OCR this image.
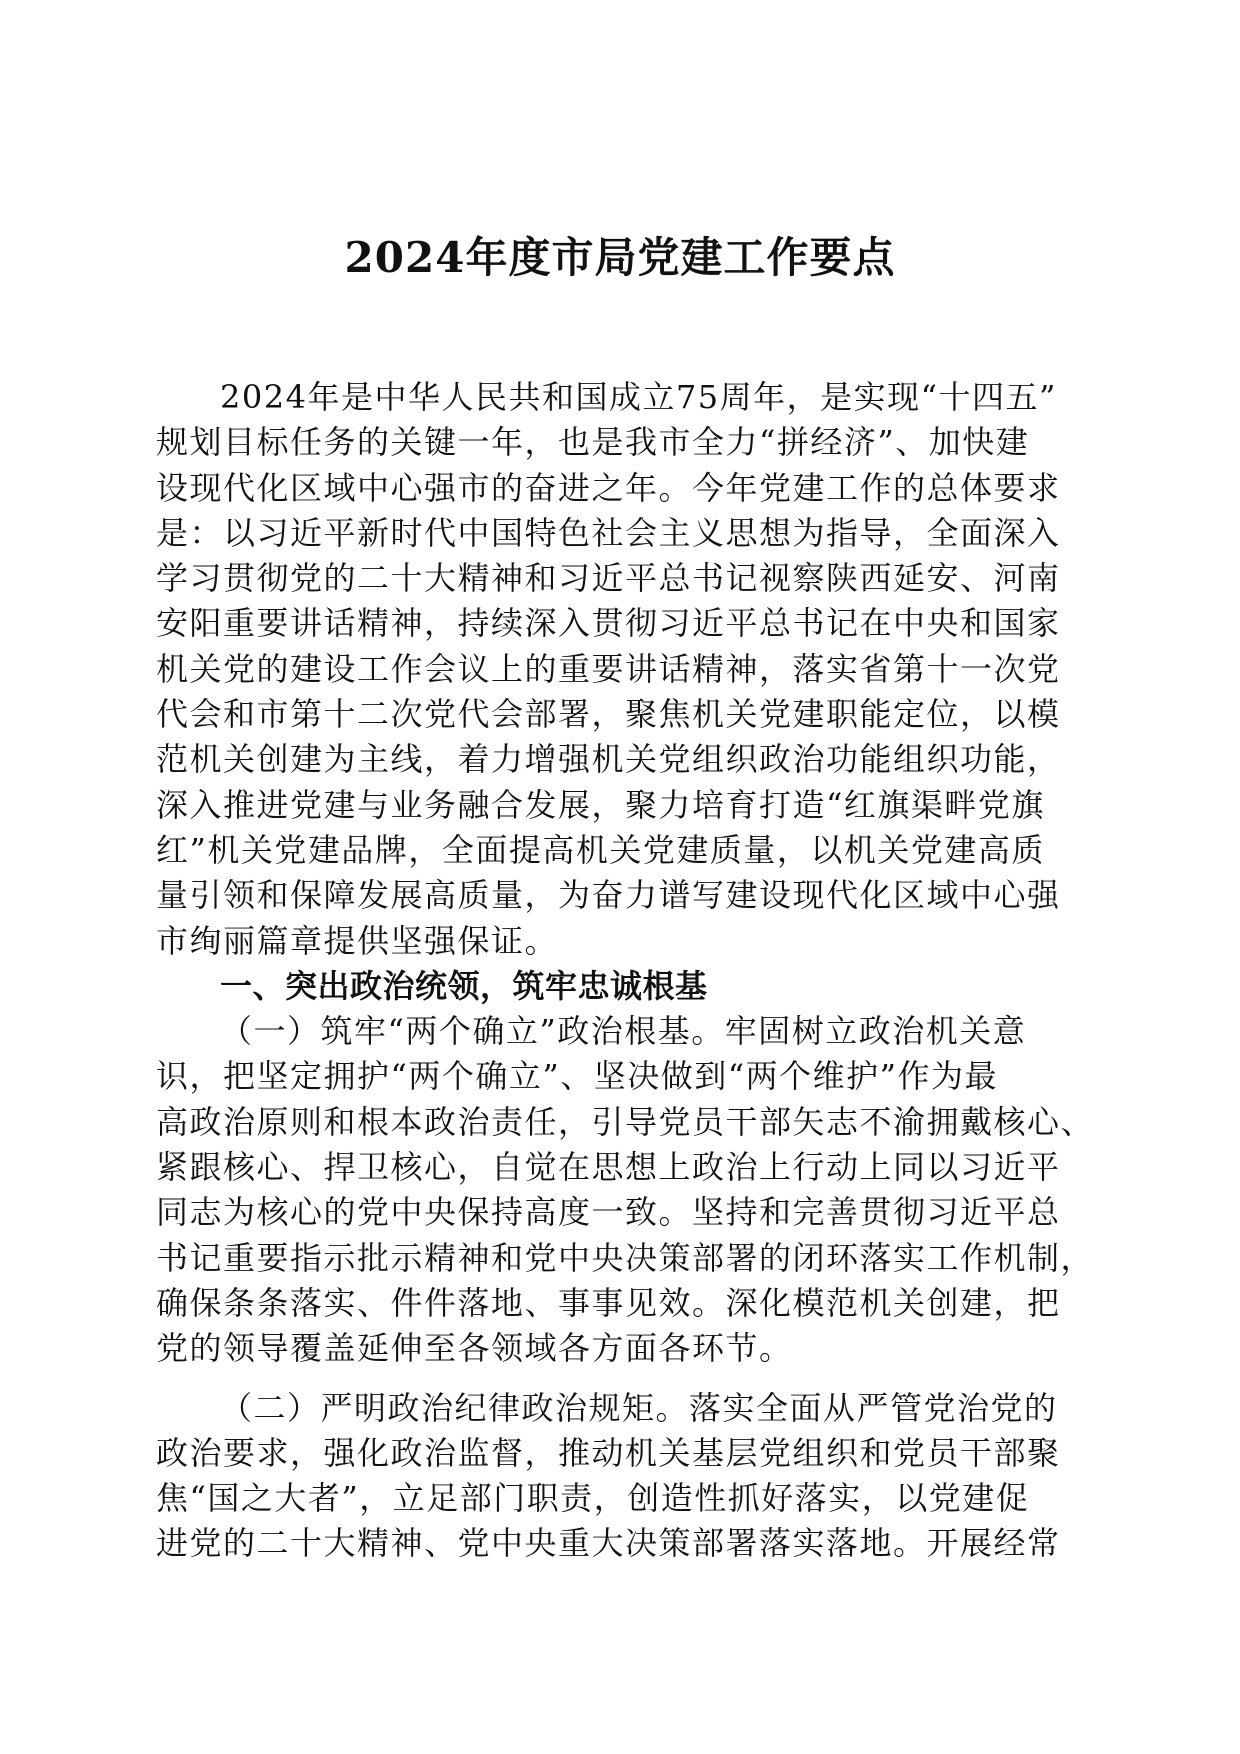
2024年度市局党建工作要点
2024年是中华人民共和国成立75周年，是实现“十四五”
规划目标任务的关键一年，也是我市全力“拼经济”、加快建
设现代化区域中心强市的奋进之年。今年党建工作的总体要求
是：以习近平新时代中国特色社会主义思想为指导，全面深入
学习贯彻党的二十大精神和习近平总书记视察陕西延安、河南
安阳重要讲话精神，持续深入贯彻习近平总书记在中央和国家
机关党的建设工作会议上的重要讲话精神，落实省第十一次党
代会和市第十二次党代会部署，聚焦机关党建职能定位，以模
范机关创建为主线，着力增强机关党组织政治功能组织功能，
深入推进党建与业务融合发展，聚力培育打造“红旗渠畔党旗
红”机关党建品牌，全面提高机关党建质量，以机关党建高质
量引领和保障发展高质量，为奋力谱写建设现代化区域中心强
市绚丽篇章提供坚强保证。
一、突出政治统领，筑牢忠诚根基
（一）筑牢“两个确立”政治根基。牢固树立政治机关意
识，把坚定拥护“两个确立”、坚决做到“两个维护”作为最
高政治原则和根本政治责任，引导党员干部矢志不渝拥戴核心、
紧跟核心、捍卫核心，自觉在思想上政治上行动上同以习近平
同志为核心的党中央保持高度一致。坚持和完善贯彻习近平总
书记重要指示批示精神和党中央决策部署的闭环落实工作机制，
确保条条落实、件件落地、事事见效。深化模范机关创建，把
党的领导覆盖延伸至各领域各方面各环节。
（二）严明政治纪律政治规矩。落实全面从严管党治党的
政治要求，强化政治监督，推动机关基层党组织和党员干部聚
焦“国之大者”，立足部门职责，创造性抓好落实，以党建促
进党的二十大精神、党中央重大决策部署落实落地。开展经常
